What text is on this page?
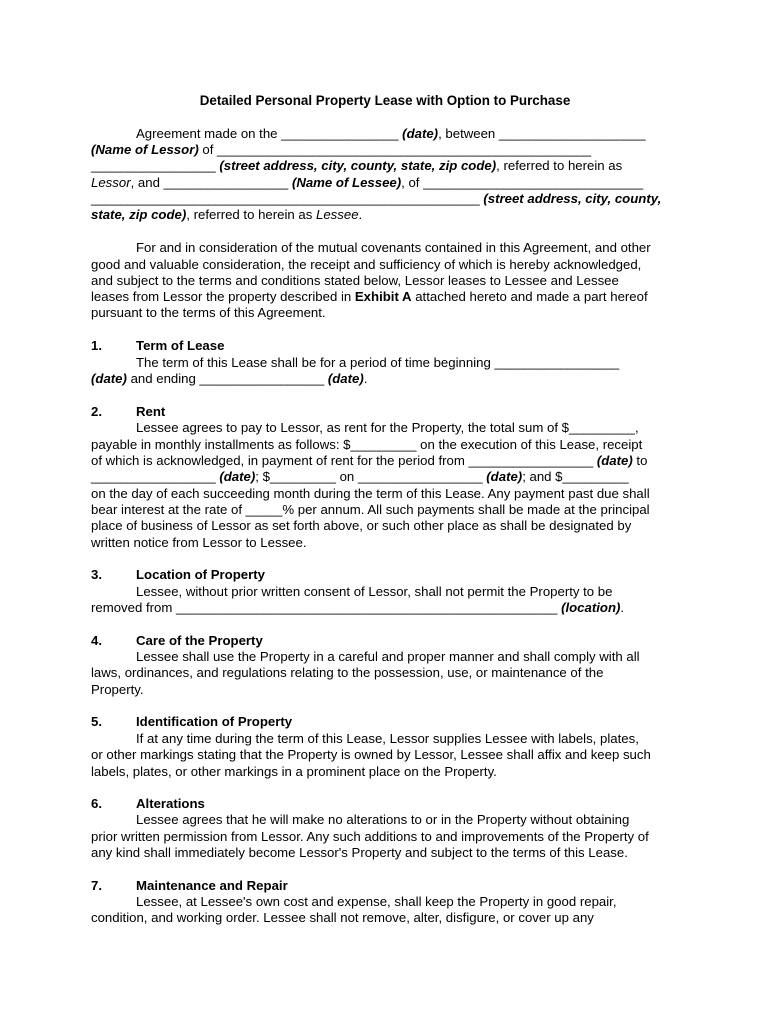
Detailed Personal Property Lease with Option to Purchase
Agreement made on the ________________ (date), between ____________________
(Name of Lessor) of ___________________________________________________
_________________ (street address, city, county, state, zip code), referred to herein as
Lessor, and _________________ (Name of Lessee), of ______________________________
_____________________________________________________ (street address, city, county,
state, zip code), referred to herein as Lessee.
For and in consideration of the mutual covenants contained in this Agreement, and other
good and valuable consideration, the receipt and sufficiency of which is hereby acknowledged,
and subject to the terms and conditions stated below, Lessor leases to Lessee and Lessee
leases from Lessor the property described in Exhibit A attached hereto and made a part hereof
pursuant to the terms of this Agreement.
1.	Term of Lease
The term of this Lease shall be for a period of time beginning _________________
(date) and ending _________________ (date).
2.	Rent
Lessee agrees to pay to Lessor, as rent for the Property, the total sum of $_________,
payable in monthly installments as follows: $_________ on the execution of this Lease, receipt
of which is acknowledged, in payment of rent for the period from _________________ (date) to
_________________ (date); $_________ on _________________ (date); and $_________
on the day of each succeeding month during the term of this Lease. Any payment past due shall
bear interest at the rate of _____% per annum. All such payments shall be made at the principal
place of business of Lessor as set forth above, or such other place as shall be designated by
written notice from Lessor to Lessee.
3.	Location of Property
Lessee, without prior written consent of Lessor, shall not permit the Property to be
removed from ____________________________________________________ (location).
4.	Care of the Property
Lessee shall use the Property in a careful and proper manner and shall comply with all
laws, ordinances, and regulations relating to the possession, use, or maintenance of the
Property.
5.	Identification of Property
If at any time during the term of this Lease, Lessor supplies Lessee with labels, plates,
or other markings stating that the Property is owned by Lessor, Lessee shall affix and keep such
labels, plates, or other markings in a prominent place on the Property.
6.	Alterations
Lessee agrees that he will make no alterations to or in the Property without obtaining
prior written permission from Lessor. Any such additions to and improvements of the Property of
any kind shall immediately become Lessor's Property and subject to the terms of this Lease.
7.	Maintenance and Repair
Lessee, at Lessee's own cost and expense, shall keep the Property in good repair,
condition, and working order. Lessee shall not remove, alter, disfigure, or cover up any
